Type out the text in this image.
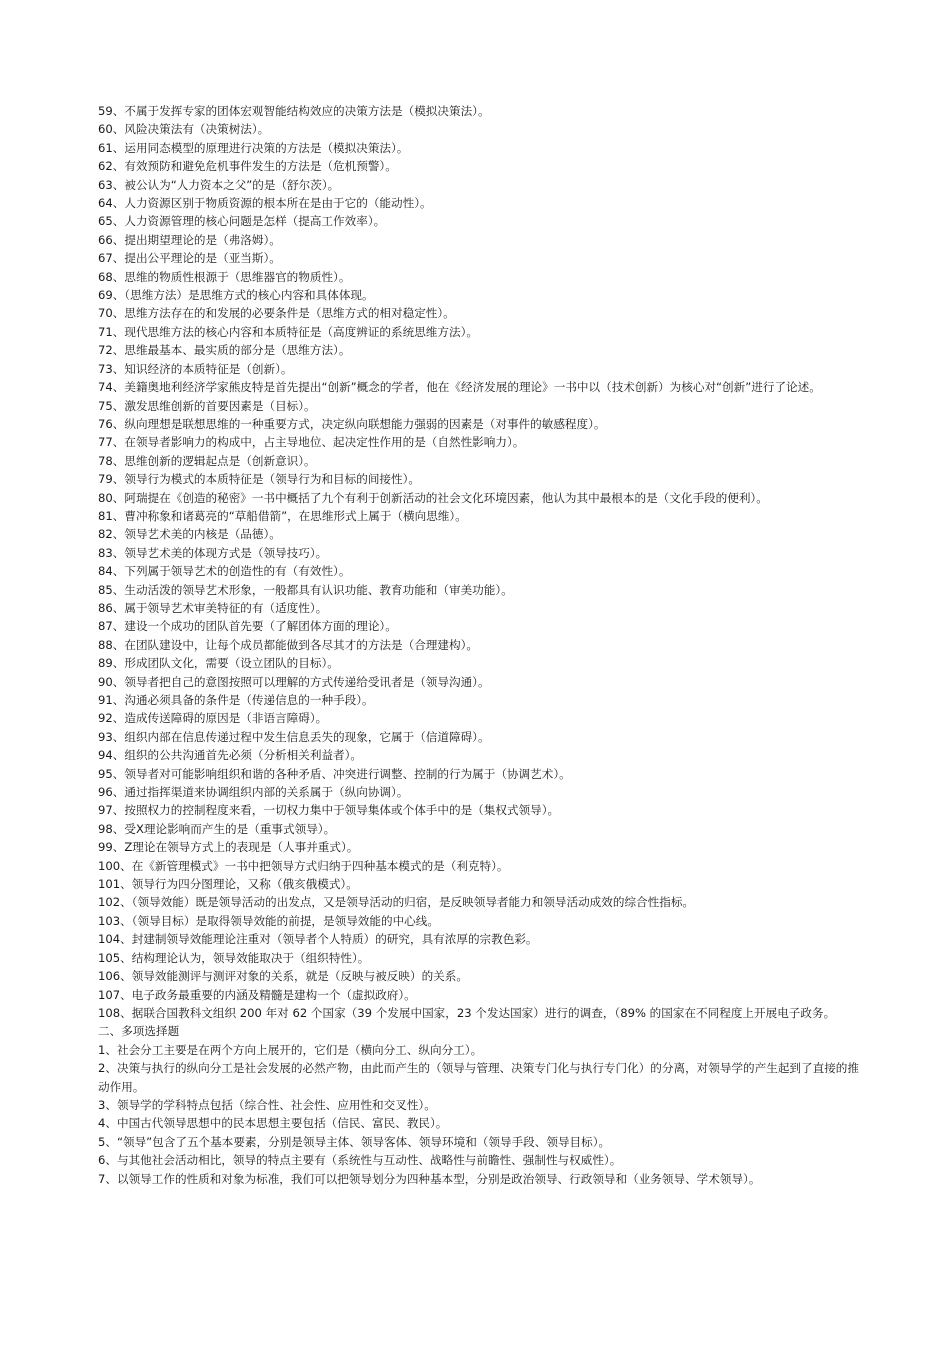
59、不属于发挥专家的团体宏观智能结构效应的决策方法是（模拟决策法）。

60、风险决策法有（决策树法）。

61、运用同态模型的原理进行决策的方法是（模拟决策法）。

62、有效预防和避免危机事件发生的方法是（危机预警）。

63、被公认为“人力资本之父”的是（舒尔茨）。

64、人力资源区别于物质资源的根本所在是由于它的（能动性）。

65、人力资源管理的核心问题是怎样（提高工作效率）。

66、提出期望理论的是（弗洛姆）。

67、提出公平理论的是（亚当斯）。

68、思维的物质性根源于（思维器官的物质性）。

69、（思维方法）是思维方式的核心内容和具体体现。

70、思维方法存在的和发展的必要条件是（思维方式的相对稳定性）。

71、现代思维方法的核心内容和本质特征是（高度辨证的系统思维方法）。

72、思维最基本、最实质的部分是（思维方法）。

73、知识经济的本质特征是（创新）。

74、美籍奥地利经济学家熊皮特是首先提出“创新”概念的学者，他在《经济发展的理论》一书中以（技术创新）为核心对“创新”进行了论述。

75、激发思维创新的首要因素是（目标）。

76、纵向理想是联想思维的一种重要方式，决定纵向联想能力强弱的因素是（对事件的敏感程度）。

77、在领导者影响力的构成中，占主导地位、起决定性作用的是（自然性影响力）。

78、思维创新的逻辑起点是（创新意识）。

79、领导行为模式的本质特征是（领导行为和目标的间接性）。

80、阿瑞提在《创造的秘密》一书中概括了九个有利于创新活动的社会文化环境因素，他认为其中最根本的是（文化手段的便利）。

81、曹冲称象和诸葛亮的“草船借箭”，在思维形式上属于（横向思维）。

82、领导艺术美的内核是（品德）。

83、领导艺术美的体现方式是（领导技巧）。

84、下列属于领导艺术的创造性的有（有效性）。

85、生动活泼的领导艺术形象，一般都具有认识功能、教育功能和（审美功能）。

86、属于领导艺术审美特征的有（适度性）。

87、建设一个成功的团队首先要（了解团体方面的理论）。

88、在团队建设中，让每个成员都能做到各尽其才的方法是（合理建构）。

89、形成团队文化，需要（设立团队的目标）。

90、领导者把自己的意图按照可以理解的方式传递给受讯者是（领导沟通）。

91、沟通必须具备的条件是（传递信息的一种手段）。

92、造成传送障碍的原因是（非语言障碍）。

93、组织内部在信息传递过程中发生信息丢失的现象，它属于（信道障碍）。

94、组织的公共沟通首先必须（分析相关利益者）。

95、领导者对可能影响组织和谐的各种矛盾、冲突进行调整、控制的行为属于（协调艺术）。

96、通过指挥渠道来协调组织内部的关系属于（纵向协调）。

97、按照权力的控制程度来看，一切权力集中于领导集体或个体手中的是（集权式领导）。

98、受X理论影响而产生的是（重事式领导）。

99、Z理论在领导方式上的表现是（人事并重式）。

100、在《新管理模式》一书中把领导方式归纳于四种基本模式的是（利克特）。

101、领导行为四分图理论，又称（俄亥俄模式）。

102、（领导效能）既是领导活动的出发点，又是领导活动的归宿，是反映领导者能力和领导活动成效的综合性指标。

103、（领导目标）是取得领导效能的前提，是领导效能的中心线。

104、封建制领导效能理论注重对（领导者个人特质）的研究，具有浓厚的宗教色彩。

105、结构理论认为，领导效能取决于（组织特性）。

106、领导效能测评与测评对象的关系，就是（反映与被反映）的关系。

107、电子政务最重要的内涵及精髓是建构一个（虚拟政府）。

108、据联合国教科文组织 200 年对 62 个国家（39 个发展中国家，23 个发达国家）进行的调查，（89% 的国家在不同程度上开展电子政务。

二、多项选择题

1、社会分工主要是在两个方向上展开的，它们是（横向分工、纵向分工）。

2、决策与执行的纵向分工是社会发展的必然产物，由此而产生的（领导与管理、决策专门化与执行专门化）的分离，对领导学的产生起到了直接的推动作用。

3、领导学的学科特点包括（综合性、社会性、应用性和交叉性）。

4、中国古代领导思想中的民本思想主要包括（信民、富民、教民）。

5、“领导”包含了五个基本要素，分别是领导主体、领导客体、领导环境和（领导手段、领导目标）。

6、与其他社会活动相比，领导的特点主要有（系统性与互动性、战略性与前瞻性、强制性与权威性）。

7、以领导工作的性质和对象为标准，我们可以把领导划分为四种基本型，分别是政治领导、行政领导和（业务领导、学术领导）。
